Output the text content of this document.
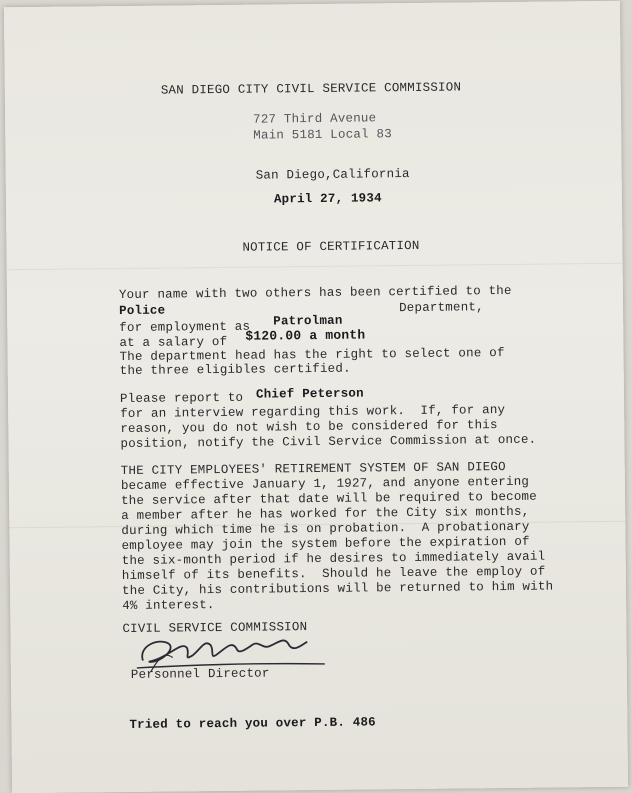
SAN DIEGO CITY CIVIL SERVICE COMMISSION
727 Third Avenue
Main 5181 Local 83
San Diego,California
April 27, 1934
NOTICE OF CERTIFICATION
Your name with two others has been certified to the
Police	Department,
Patrolman
for employment as
at a salary of $120.00 a month
The department head has the right to select one of
the three eligibles certified.
Please report to Chief Peterson
for an interview regarding this work.  If, for any
reason, you do not wish to be considered for this
position, notify the Civil Service Commission at once.
THE CITY EMPLOYEES' RETIREMENT SYSTEM OF SAN DIEGO
became effective January 1, 1927, and anyone entering
the service after that date will be required to become
a member after he has worked for the City six months,
during which time he is on probation.  A probationary
employee may join the system before the expiration of
the six-month period if he desires to immediately avail
himself of its benefits.  Should he leave the employ of
the City, his contributions will be returned to him with
4% interest.
CIVIL SERVICE COMMISSION
Personnel Director
Tried to reach you over P.B. 486
